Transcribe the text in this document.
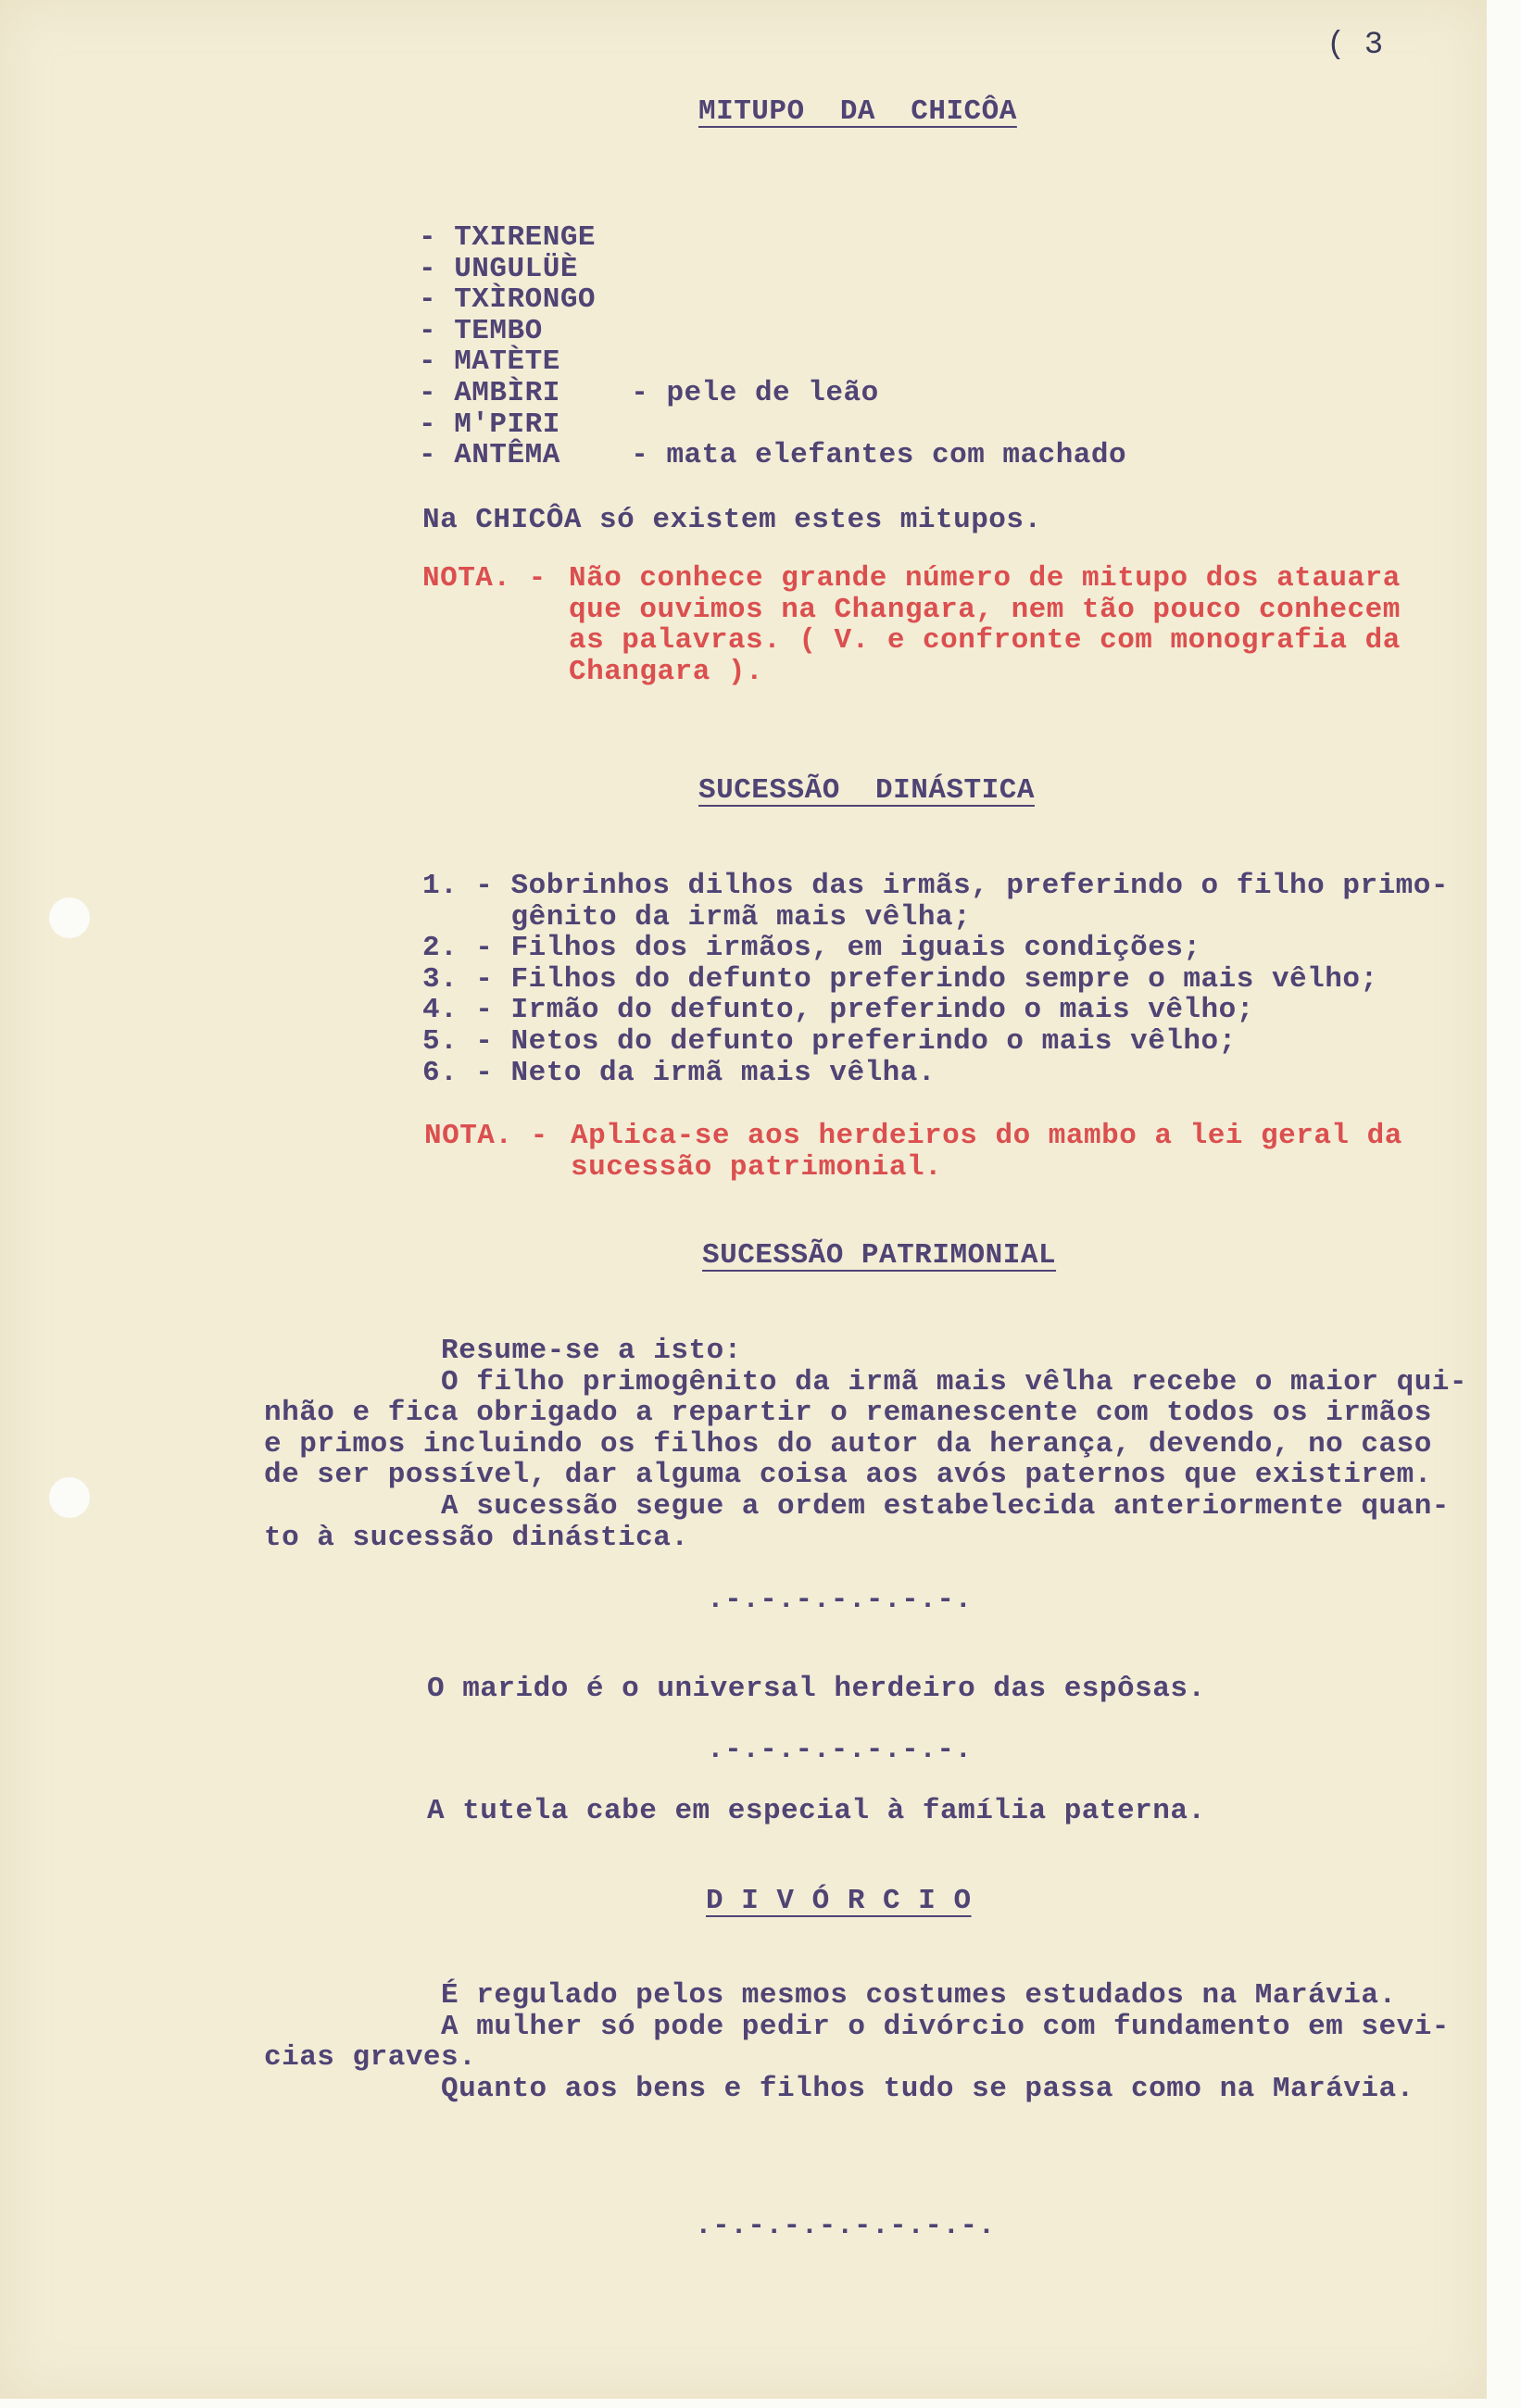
( 3
MITUPO  DA  CHICÔA
- TXIRENGE
- UNGULÜÈ
- TXÌRONGO
- TEMBO
- MATÈTE
- AMBÌRI    - pele de leão
- M'PIRI
- ANTÊMA    - mata elefantes com machado
Na CHICÔA só existem estes mitupos.
NOTA. - Não conhece grande número de mitupo dos atauara
que ouvimos na Changara, nem tão pouco conhecem
as palavras. ( V. e confronte com monografia da
Changara ).
SUCESSÃO  DINÁSTICA
1. - Sobrinhos dilhos das irmãs, preferindo o filho primo-
gênito da irmã mais vêlha;
2. - Filhos dos irmãos, em iguais condições;
3. - Filhos do defunto preferindo sempre o mais vêlho;
4. - Irmão do defunto, preferindo o mais vêlho;
5. - Netos do defunto preferindo o mais vêlho;
6. - Neto da irmã mais vêlha.
NOTA. - Aplica-se aos herdeiros do mambo a lei geral da
sucessão patrimonial.
SUCESSÃO PATRIMONIAL
Resume-se a isto:
O filho primogênito da irmã mais vêlha recebe o maior qui-
nhão e fica obrigado a repartir o remanescente com todos os irmãos
e primos incluindo os filhos do autor da herança, devendo, no caso
de ser possível, dar alguma coisa aos avós paternos que existirem.
A sucessão segue a ordem estabelecida anteriormente quan-
to à sucessão dinástica.
.-.-.-.-.-.-.-.
O marido é o universal herdeiro das espôsas.
.-.-.-.-.-.-.-.
A tutela cabe em especial à família paterna.
D I V Ó R C I O
É regulado pelos mesmos costumes estudados na Marávia.
A mulher só pode pedir o divórcio com fundamento em sevi-
cias graves.
Quanto aos bens e filhos tudo se passa como na Marávia.
.-.-.-.-.-.-.-.-.
